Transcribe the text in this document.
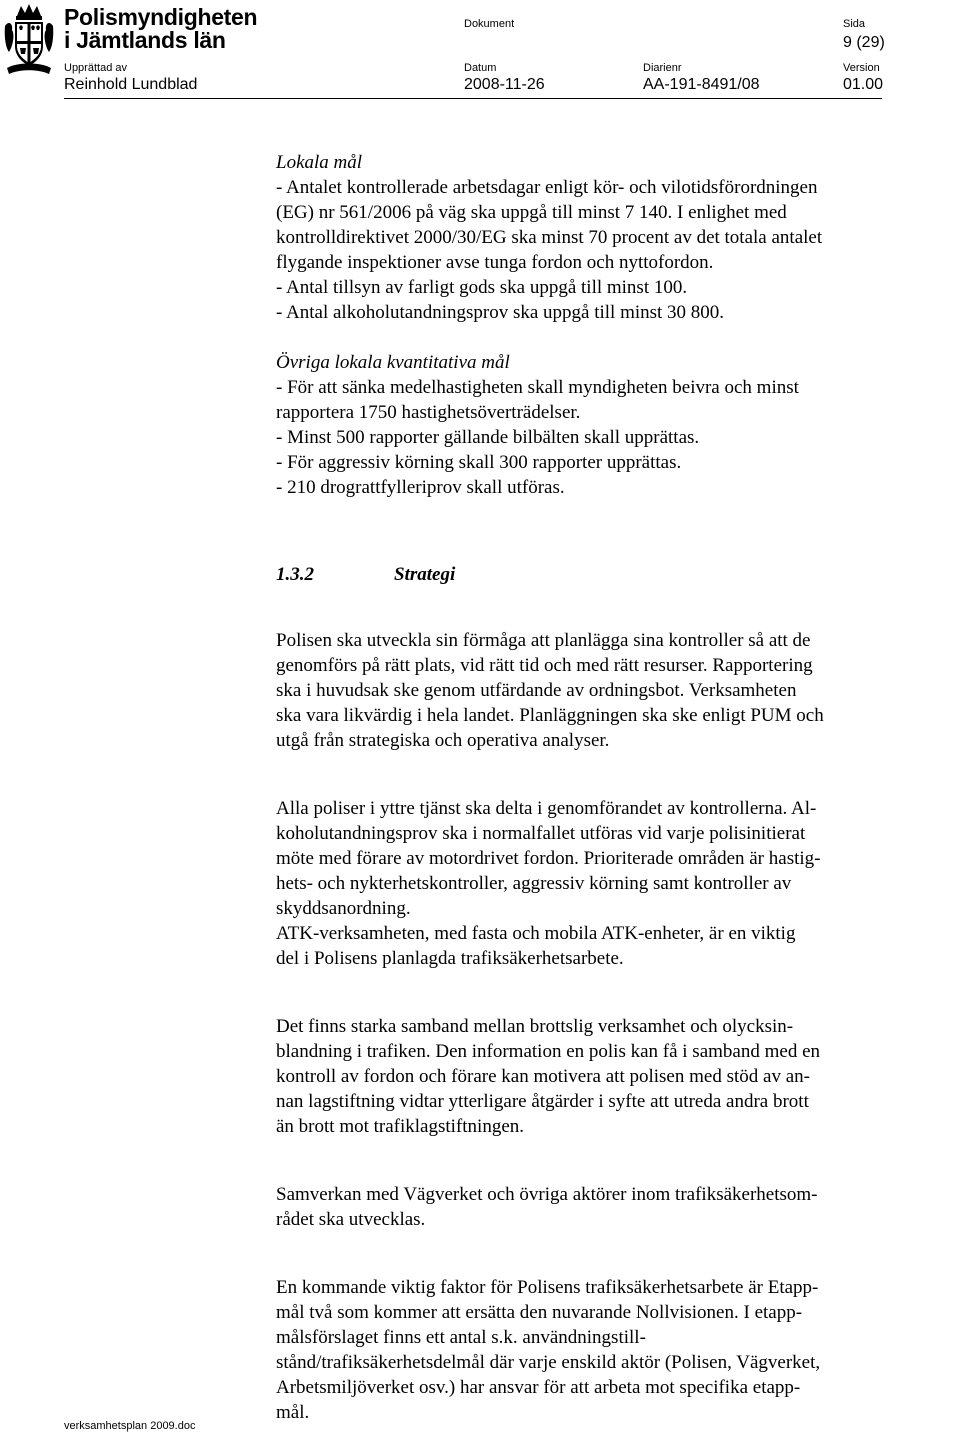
Polismyndigheten
i Jämtlands län
Dokument	Sida
9 (29)
Upprättad av	Datum	Diarienr	Version
Reinhold Lundblad	2008-11-26	AA-191-8491/08	01.00

Lokala mål

- Antalet kontrollerade arbetsdagar enligt kör- och vilotidsförordningen

(EG) nr 561/2006 på väg ska uppgå till minst 7 140. I enlighet med

kontrolldirektivet 2000/30/EG ska minst 70 procent av det totala antalet

flygande inspektioner avse tunga fordon och nyttofordon.

- Antal tillsyn av farligt gods ska uppgå till minst 100.

- Antal alkoholutandningsprov ska uppgå till minst 30 800.

Övriga lokala kvantitativa mål

- För att sänka medelhastigheten skall myndigheten beivra och minst

rapportera 1750 hastighetsöverträdelser.

- Minst 500 rapporter gällande bilbälten skall upprättas.

- För aggressiv körning skall 300 rapporter upprättas.

- 210 drograttfylleriprov skall utföras.

1.3.2	Strategi

Polisen ska utveckla sin förmåga att planlägga sina kontroller så att de

genomförs på rätt plats, vid rätt tid och med rätt resurser. Rapportering

ska i huvudsak ske genom utfärdande av ordningsbot. Verksamheten

ska vara likvärdig i hela landet. Planläggningen ska ske enligt PUM och

utgå från strategiska och operativa analyser.

Alla poliser i yttre tjänst ska delta i genomförandet av kontrollerna. Al-

koholutandningsprov ska i normalfallet utföras vid varje polisinitierat

möte med förare av motordrivet fordon. Prioriterade områden är hastig-

hets- och nykterhetskontroller, aggressiv körning samt kontroller av

skyddsanordning.

ATK-verksamheten, med fasta och mobila ATK-enheter, är en viktig

del i Polisens planlagda trafiksäkerhetsarbete.

Det finns starka samband mellan brottslig verksamhet och olycksin-

blandning i trafiken. Den information en polis kan få i samband med en

kontroll av fordon och förare kan motivera att polisen med stöd av an-

nan lagstiftning vidtar ytterligare åtgärder i syfte att utreda andra brott

än brott mot trafiklagstiftningen.

Samverkan med Vägverket och övriga aktörer inom trafiksäkerhetsom-

rådet ska utvecklas.

En kommande viktig faktor för Polisens trafiksäkerhetsarbete är Etapp-

mål två som kommer att ersätta den nuvarande Nollvisionen. I etapp-

målsförslaget finns ett antal s.k. användningstill-

stånd/trafiksäkerhetsdelmål där varje enskild aktör (Polisen, Vägverket,

Arbetsmiljöverket osv.) har ansvar för att arbeta mot specifika etapp-

mål.

verksamhetsplan 2009.doc
